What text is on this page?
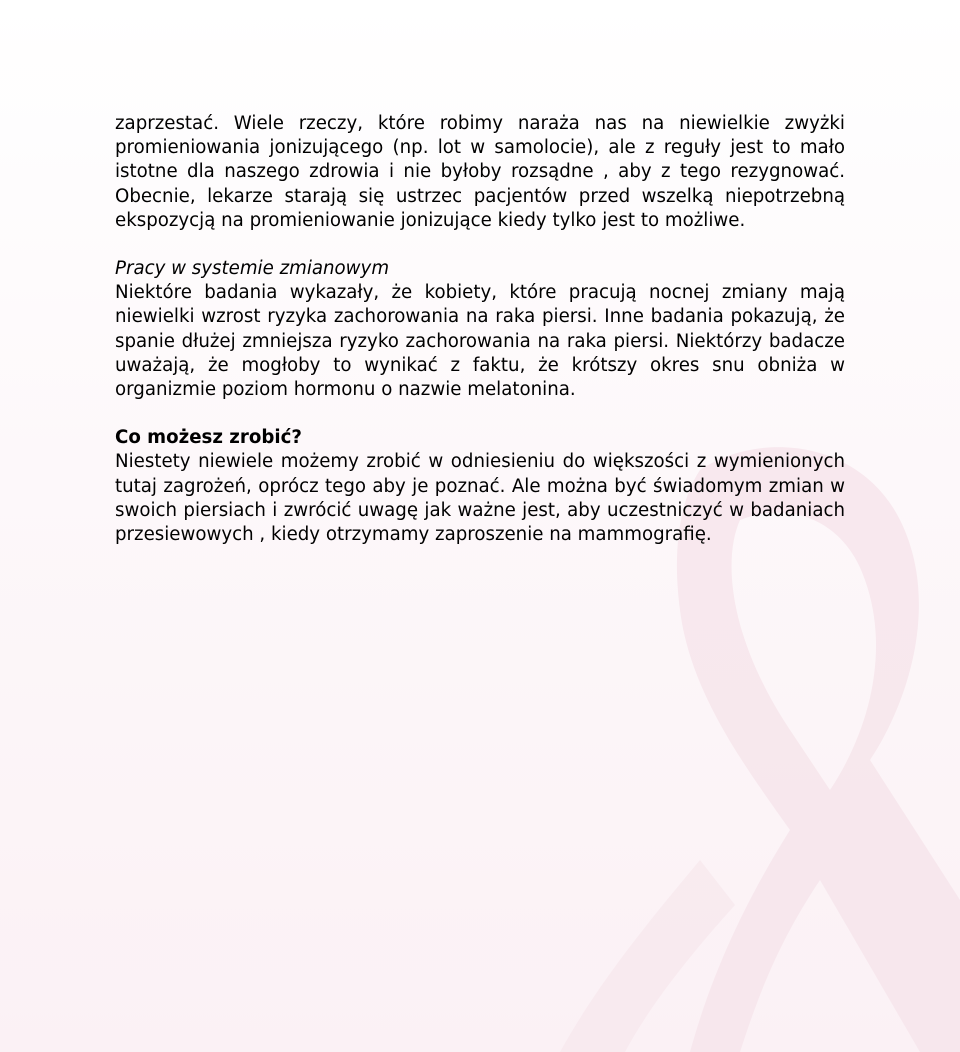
zaprzestać. Wiele rzeczy, które robimy naraża nas na niewielkie zwyżki promieniowania jonizującego (np. lot w samolocie), ale z reguły jest to mało istotne dla naszego zdrowia i nie byłoby rozsądne , aby z tego rezygnować. Obecnie, lekarze starają się ustrzec pacjentów przed wszelką niepotrzebną ekspozycją na promieniowanie jonizujące kiedy tylko jest to możliwe.

Pracy w systemie zmianowym

Niektóre badania wykazały, że kobiety, które pracują nocnej zmiany mają niewielki wzrost ryzyka zachorowania na raka piersi. Inne badania pokazują, że spanie dłużej zmniejsza ryzyko zachorowania na raka piersi. Niektórzy badacze uważają, że mogłoby to wynikać z faktu, że krótszy okres snu obniża w organizmie poziom hormonu o nazwie melatonina.

Co możesz zrobić?

Niestety niewiele możemy zrobić w odniesieniu do większości z wymienionych tutaj zagrożeń, oprócz tego aby je poznać. Ale można być świadomym zmian w swoich piersiach i zwrócić uwagę jak ważne jest, aby uczestniczyć w badaniach przesiewowych , kiedy otrzymamy zaproszenie na mammografię.
